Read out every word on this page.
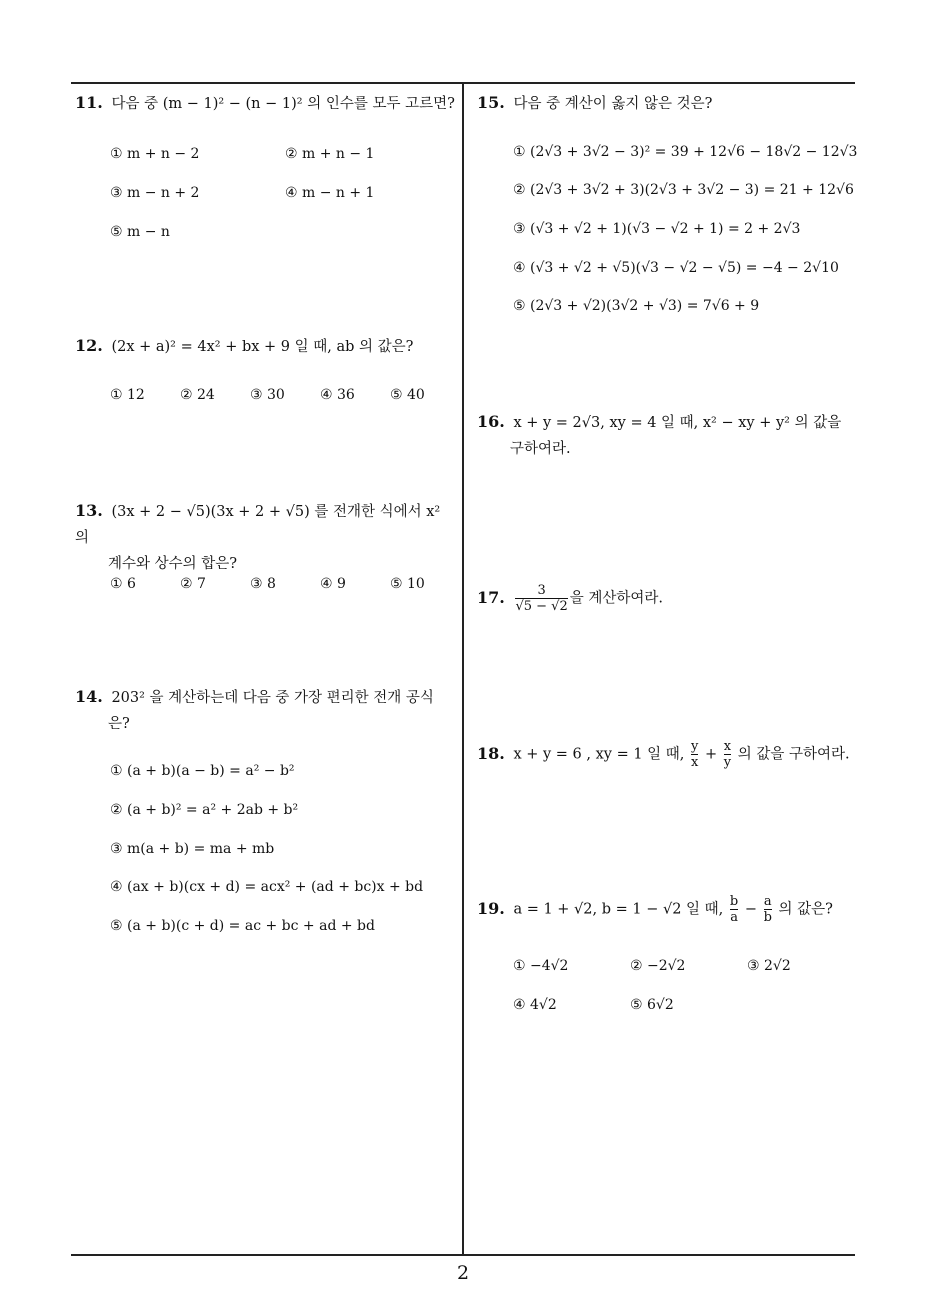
11. 다음 중 (m − 1)² − (n − 1)² 의 인수를 모두 고르면?
① m + n − 2	② m + n − 1
③ m − n + 2	④ m − n + 1
⑤ m − n
12. (2x + a)² = 4x² + bx + 9 일 때, ab 의 값은?
① 12	② 24	③ 30	④ 36	⑤ 40
13. (3x + 2 − √5)(3x + 2 + √5) 를 전개한 식에서 x² 의
계수와 상수의 합은?
① 6	② 7	③ 8	④ 9	⑤ 10
14. 203² 을 계산하는데 다음 중 가장 편리한 전개 공식
은?
① (a + b)(a − b) = a² − b²
② (a + b)² = a² + 2ab + b²
③ m(a + b) = ma + mb
④ (ax + b)(cx + d) = acx² + (ad + bc)x + bd
⑤ (a + b)(c + d) = ac + bc + ad + bd
15. 다음 중 계산이 옳지 않은 것은?
① (2√3 + 3√2 − 3)² = 39 + 12√6 − 18√2 − 12√3
② (2√3 + 3√2 + 3)(2√3 + 3√2 − 3) = 21 + 12√6
③ (√3 + √2 + 1)(√3 − √2 + 1) = 2 + 2√3
④ (√3 + √2 + √5)(√3 − √2 − √5) = −4 − 2√10
⑤ (2√3 + √2)(3√2 + √3) = 7√6 + 9
16. x + y = 2√3, xy = 4 일 때, x² − xy + y² 의 값을
구하여라.
17. $\frac{3}{√5 - √2}$ 을 계산하여라.
18. x + y = 6 , xy = 1 일 때, $\frac{y}{x} + \frac{x}{y}$ 의 값을 구하여라.
19. a = 1 + √2, b = 1 − √2 일 때, $\frac{b}{a} - \frac{a}{b}$ 의 값은?
① −4√2	② −2√2	③ 2√2
④ 4√2	⑤ 6√2
2
